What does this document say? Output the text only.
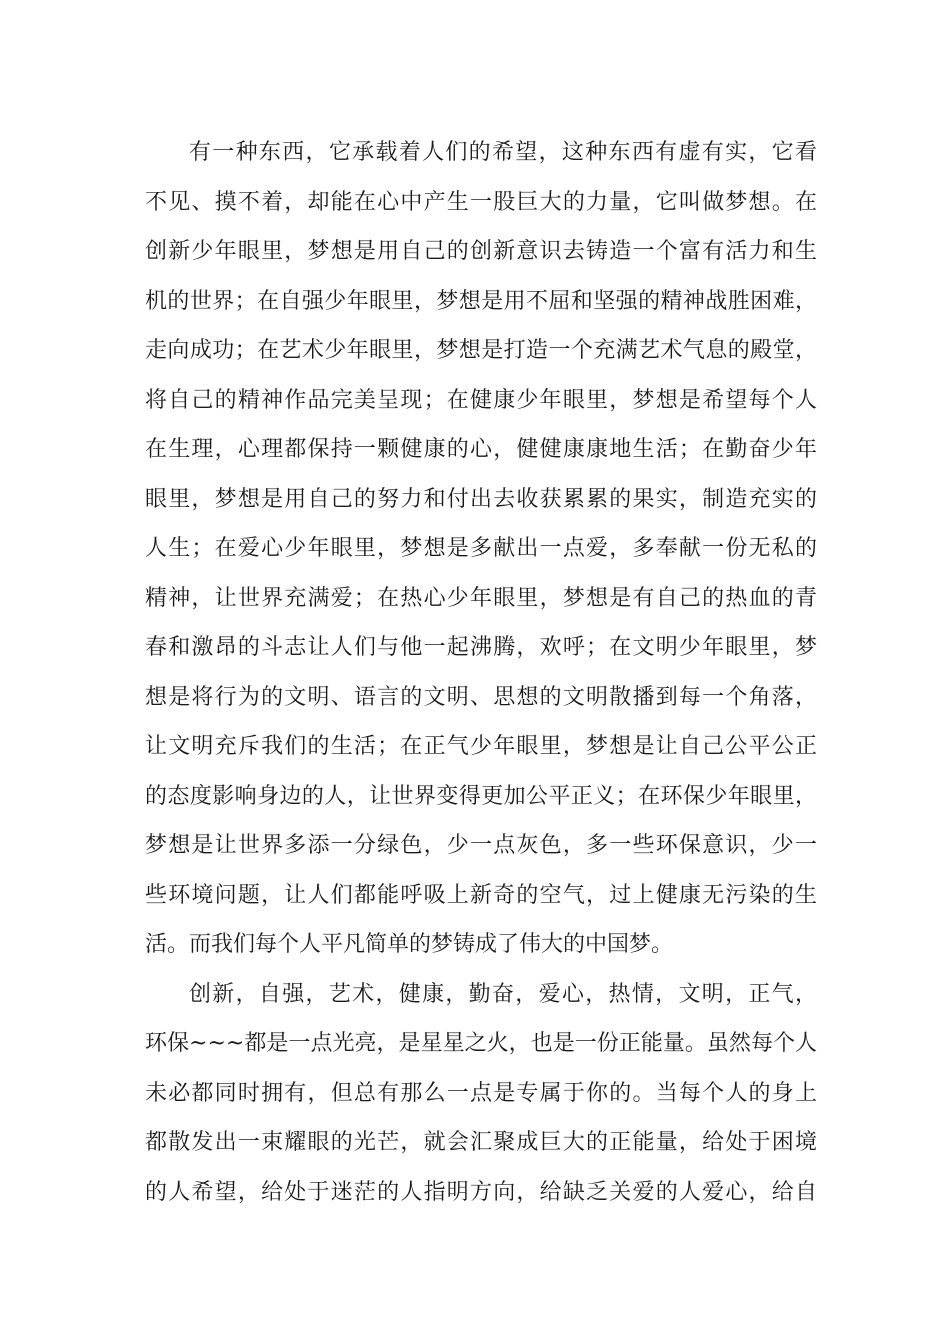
有一种东西，它承载着人们的希望，这种东西有虚有实，它看
不见、摸不着，却能在心中产生一股巨大的力量，它叫做梦想。在
创新少年眼里，梦想是用自己的创新意识去铸造一个富有活力和生
机的世界；在自强少年眼里，梦想是用不屈和坚强的精神战胜困难，
走向成功；在艺术少年眼里，梦想是打造一个充满艺术气息的殿堂，
将自己的精神作品完美呈现；在健康少年眼里，梦想是希望每个人
在生理，心理都保持一颗健康的心，健健康康地生活；在勤奋少年
眼里，梦想是用自己的努力和付出去收获累累的果实，制造充实的
人生；在爱心少年眼里，梦想是多献出一点爱，多奉献一份无私的
精神，让世界充满爱；在热心少年眼里，梦想是有自己的热血的青
春和激昂的斗志让人们与他一起沸腾，欢呼；在文明少年眼里，梦
想是将行为的文明、语言的文明、思想的文明散播到每一个角落，
让文明充斥我们的生活；在正气少年眼里，梦想是让自己公平公正
的态度影响身边的人，让世界变得更加公平正义；在环保少年眼里，
梦想是让世界多添一分绿色，少一点灰色，多一些环保意识，少一
些环境问题，让人们都能呼吸上新奇的空气，过上健康无污染的生
活。而我们每个人平凡简单的梦铸成了伟大的中国梦。
创新，自强，艺术，健康，勤奋，爱心，热情，文明，正气，
环保~~~都是一点光亮，是星星之火，也是一份正能量。虽然每个人
未必都同时拥有，但总有那么一点是专属于你的。当每个人的身上
都散发出一束耀眼的光芒，就会汇聚成巨大的正能量，给处于困境
的人希望，给处于迷茫的人指明方向，给缺乏关爱的人爱心，给自
